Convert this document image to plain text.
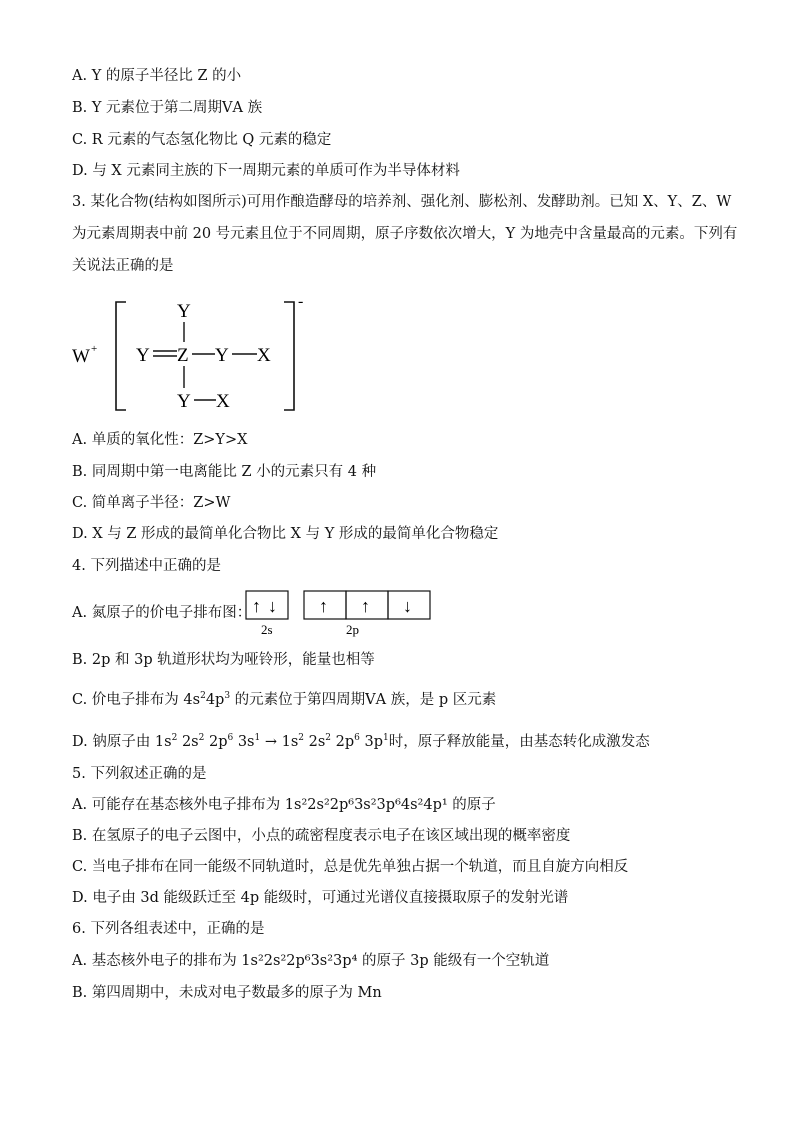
A. Y 的原子半径比 Z 的小
B. Y 元素位于第二周期ⅤA 族
C. R 元素的气态氢化物比 Q 元素的稳定
D. 与 X 元素同主族的下一周期元素的单质可作为半导体材料
3. 某化合物(结构如图所示)可用作酿造酵母的培养剂、强化剂、膨松剂、发酵助剂。已知 X、Y、Z、W
为元素周期表中前 20 号元素且位于不同周期，原子序数依次增大，Y 为地壳中含量最高的元素。下列有
关说法正确的是
W +
-
Y
Y Z Y X
Y X
A. 单质的氧化性：Z>Y>X
B. 同周期中第一电离能比 Z 小的元素只有 4 种
C. 简单离子半径：Z>W
D. X 与 Z 形成的最简单化合物比 X 与 Y 形成的最简单化合物稳定
4. 下列描述中正确的是
A. 氮原子的价电子排布图： ↑ ↓ ↑ ↑ ↓
2s	2p
B. 2p 和 3p 轨道形状均为哑铃形，能量也相等
C. 价电子排布为 $4s^24p^3$ 的元素位于第四周期ⅤA 族，是 p 区元素
D. 钠原子由 $1s^2$ $2s^2$ $2p^6$ $3s^1 \to 1s^2$ $2s^2$ $2p^6$ $3p^1$时，原子释放能量，由基态转化成激发态
5. 下列叙述正确的是
A. 可能存在基态核外电子排布为 1s²2s²2p⁶3s²3p⁶4s²4p¹ 的原子
B. 在氢原子的电子云图中，小点的疏密程度表示电子在该区域出现的概率密度
C. 当电子排布在同一能级不同轨道时，总是优先单独占据一个轨道，而且自旋方向相反
D. 电子由 3d 能级跃迁至 4p 能级时，可通过光谱仪直接摄取原子的发射光谱
6. 下列各组表述中，正确的是
A. 基态核外电子的排布为 1s²2s²2p⁶3s²3p⁴ 的原子 3p 能级有一个空轨道
B. 第四周期中，未成对电子数最多的原子为 Mn
